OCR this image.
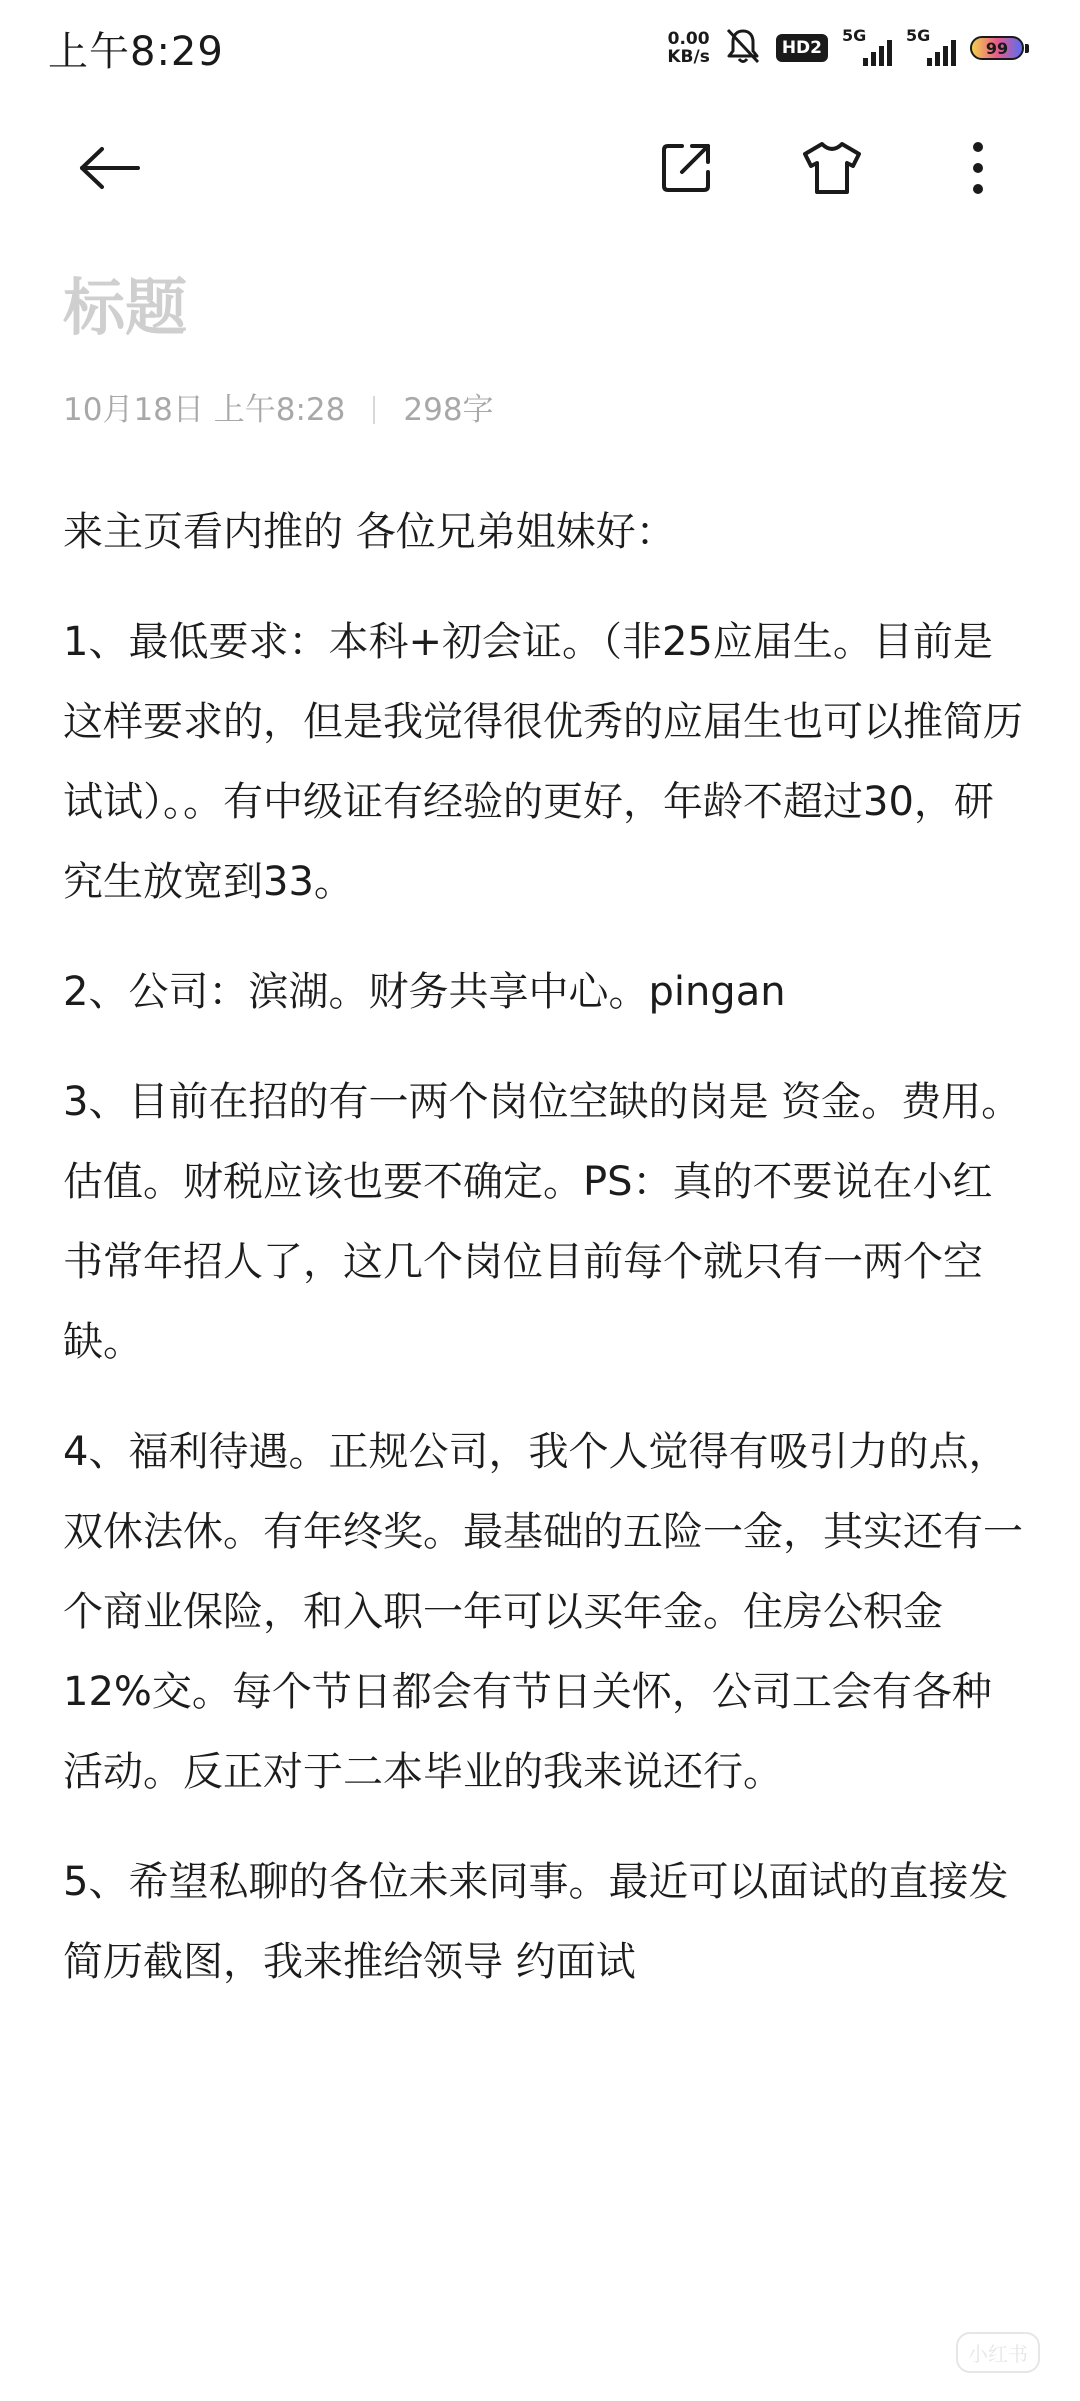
上午8:29	0.00
KB/s	HD2
5G 5G
99
标题
10月18日 上午8:28 298字

来主页看内推的 各位兄弟姐妹好：

1、最低要求：本科+初会证。（非25应届生。目前是这样要求的，但是我觉得很优秀的应届生也可以推简历试试）。。有中级证有经验的更好，年龄不超过30，研究生放宽到33。

2、公司：滨湖。财务共享中心。pingan

3、目前在招的有一两个岗位空缺的岗是 资金。费用。估值。财税应该也要不确定。PS：真的不要说在小红书常年招人了，这几个岗位目前每个就只有一两个空缺。

4、福利待遇。正规公司，我个人觉得有吸引力的点，双休法休。有年终奖。最基础的五险一金，其实还有一个商业保险，和入职一年可以买年金。住房公积金12%交。每个节日都会有节日关怀，公司工会有各种活动。反正对于二本毕业的我来说还行。

5、希望私聊的各位未来同事。最近可以面试的直接发简历截图，我来推给领导 约面试

小红书
